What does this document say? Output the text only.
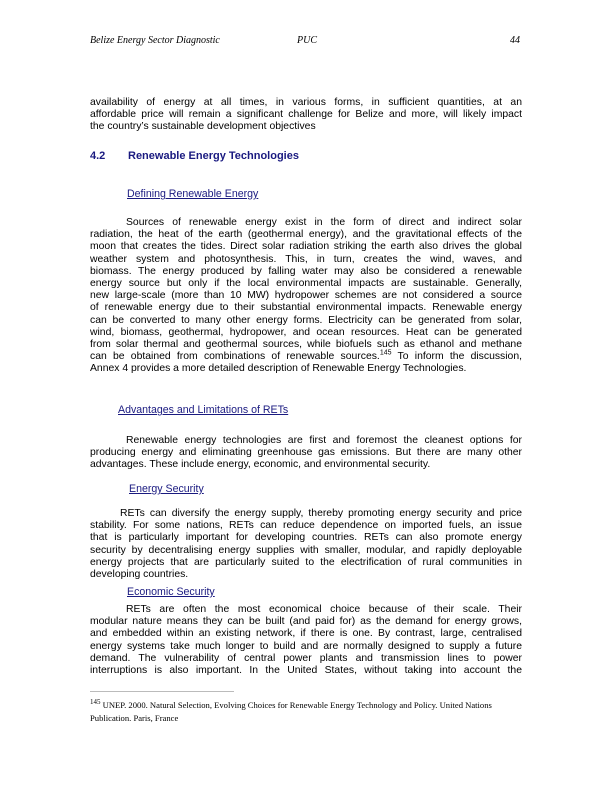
Belize Energy Sector Diagnostic	PUC	44
availability of energy at all times, in various forms, in sufficient quantities, at an
affordable price will remain a significant challenge for Belize and more, will likely impact
the country’s sustainable development objectives
4.2 Renewable Energy Technologies
Defining Renewable Energy
Sources of renewable energy exist in the form of direct and indirect solar
radiation, the heat of the earth (geothermal energy), and the gravitational effects of the
moon that creates the tides. Direct solar radiation striking the earth also drives the global
weather system and photosynthesis. This, in turn, creates the wind, waves, and
biomass. The energy produced by falling water may also be considered a renewable
energy source but only if the local environmental impacts are sustainable. Generally,
new large-scale (more than 10 MW) hydropower schemes are not considered a source
of renewable energy due to their substantial environmental impacts. Renewable energy
can be converted to many other energy forms. Electricity can be generated from solar,
wind, biomass, geothermal, hydropower, and ocean resources. Heat can be generated
from solar thermal and geothermal sources, while biofuels such as ethanol and methane
can be obtained from combinations of renewable sources.$^{145}$ To inform the discussion,
Annex 4 provides a more detailed description of Renewable Energy Technologies.
Advantages and Limitations of RETs
Renewable energy technologies are first and foremost the cleanest options for
producing energy and eliminating greenhouse gas emissions. But there are many other
advantages. These include energy, economic, and environmental security.
Energy Security
RETs can diversify the energy supply, thereby promoting energy security and price
stability. For some nations, RETs can reduce dependence on imported fuels, an issue
that is particularly important for developing countries. RETs can also promote energy
security by decentralising energy supplies with smaller, modular, and rapidly deployable
energy projects that are particularly suited to the electrification of rural communities in
developing countries.
Economic Security
RETs are often the most economical choice because of their scale. Their
modular nature means they can be built (and paid for) as the demand for energy grows,
and embedded within an existing network, if there is one. By contrast, large, centralised
energy systems take much longer to build and are normally designed to supply a future
demand. The vulnerability of central power plants and transmission lines to power
interruptions is also important. In the United States, without taking into account the
$^{145}$ UNEP. 2000. Natural Selection, Evolving Choices for Renewable Energy Technology and Policy. United Nations
Publication. Paris, France
